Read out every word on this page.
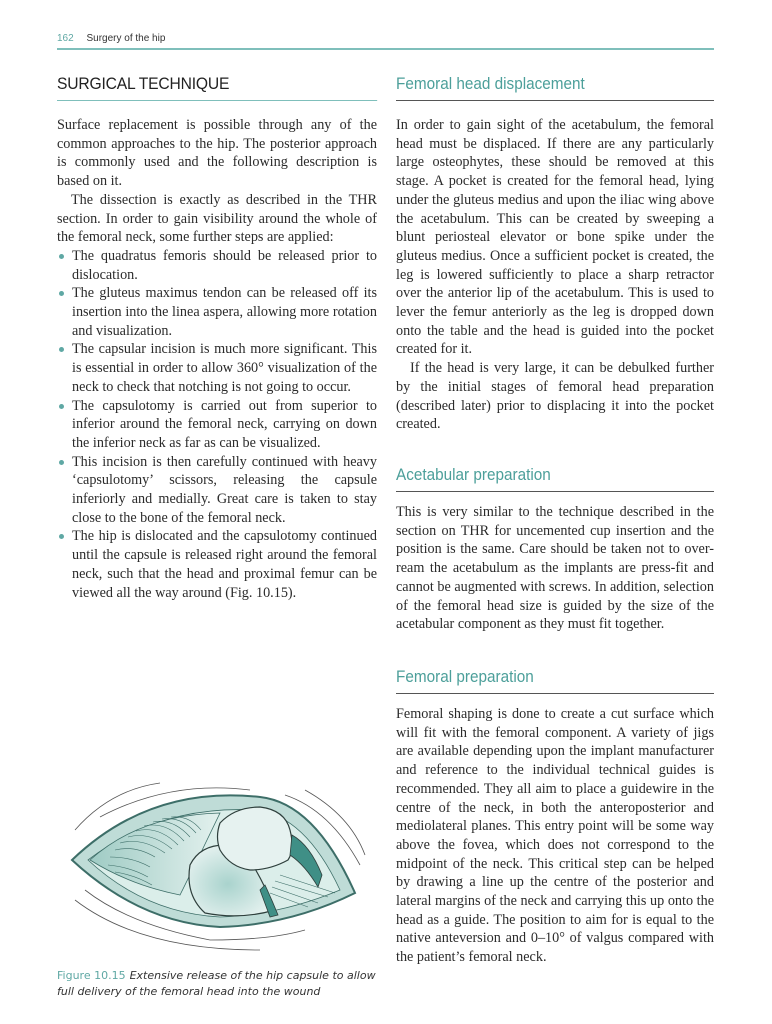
162 Surgery of the hip
SURGICAL TECHNIQUE

Surface replacement is possible through any of the common approaches to the hip. The posterior approach is commonly used and the following description is based on it.

The dissection is exactly as described in the THR section. In order to gain visibility around the whole of the femoral neck, some further steps are applied:

The quadratus femoris should be released prior to dislocation.
The gluteus maximus tendon can be released off its insertion into the linea aspera, allowing more rotation and visualization.
The capsular incision is much more significant. This is essential in order to allow 360° visualization of the neck to check that notching is not going to occur.
The capsulotomy is carried out from superior to inferior around the femoral neck, carrying on down the inferior neck as far as can be visualized.
This incision is then carefully continued with heavy ‘capsulotomy’ scissors, releasing the capsule inferiorly and medially. Great care is taken to stay close to the bone of the femoral neck.
The hip is dislocated and the capsulotomy continued until the capsule is released right around the femoral neck, such that the head and proximal femur can be viewed all the way around (Fig. 10.15).
Figure 10.15 Extensive release of the hip capsule to allow full delivery of the femoral head into the wound
Femoral head displacement

In order to gain sight of the acetabulum, the femoral head must be displaced. If there are any particularly large osteophytes, these should be removed at this stage. A pocket is created for the femoral head, lying under the gluteus medius and upon the iliac wing above the acetabulum. This can be created by sweeping a blunt periosteal elevator or bone spike under the gluteus medius. Once a sufficient pocket is created, the leg is lowered sufficiently to place a sharp retractor over the anterior lip of the acetabulum. This is used to lever the femur anteriorly as the leg is dropped down onto the table and the head is guided into the pocket created for it.

If the head is very large, it can be debulked further by the initial stages of femoral head preparation (described later) prior to displacing it into the pocket created.

Acetabular preparation

This is very similar to the technique described in the section on THR for uncemented cup insertion and the position is the same. Care should be taken not to over-ream the acetabulum as the implants are press-fit and cannot be augmented with screws. In addition, selection of the femoral head size is guided by the size of the acetabular component as they must fit together.

Femoral preparation

Femoral shaping is done to create a cut surface which will fit with the femoral component. A variety of jigs are available depending upon the implant manufacturer and reference to the individual technical guides is recommended. They all aim to place a guidewire in the centre of the neck, in both the anteroposterior and mediolateral planes. This entry point will be some way above the fovea, which does not correspond to the midpoint of the neck. This critical step can be helped by drawing a line up the centre of the posterior and lateral margins of the neck and carrying this up onto the head as a guide. The position to aim for is equal to the native anteversion and 0–10° of valgus compared with the patient’s femoral neck.
